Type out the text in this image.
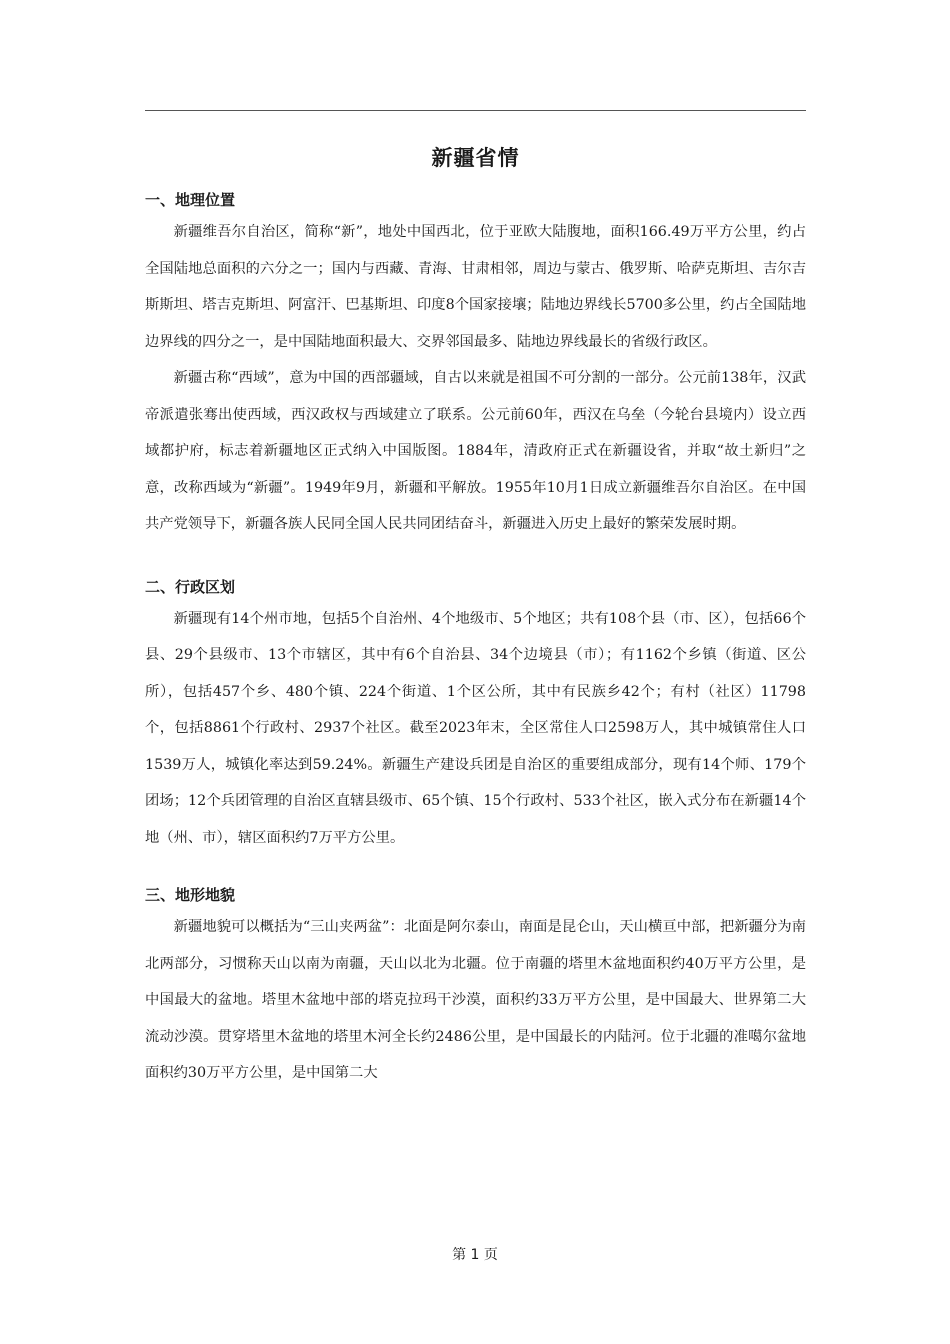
新疆省情
一、地理位置

新疆维吾尔自治区，简称“新”，地处中国西北，位于亚欧大陆腹地，面积166.49万平方公里，约占全国陆地总面积的六分之一；国内与西藏、青海、甘肃相邻，周边与蒙古、俄罗斯、哈萨克斯坦、吉尔吉斯斯坦、塔吉克斯坦、阿富汗、巴基斯坦、印度8个国家接壤；陆地边界线长5700多公里，约占全国陆地边界线的四分之一，是中国陆地面积最大、交界邻国最多、陆地边界线最长的省级行政区。

新疆古称“西域”，意为中国的西部疆域，自古以来就是祖国不可分割的一部分。公元前138年，汉武帝派遣张骞出使西域，西汉政权与西域建立了联系。公元前60年，西汉在乌垒（今轮台县境内）设立西域都护府，标志着新疆地区正式纳入中国版图。1884年，清政府正式在新疆设省，并取“故土新归”之意，改称西域为“新疆”。1949年9月，新疆和平解放。1955年10月1日成立新疆维吾尔自治区。在中国共产党领导下，新疆各族人民同全国人民共同团结奋斗，新疆进入历史上最好的繁荣发展时期。

二、行政区划

新疆现有14个州市地，包括5个自治州、4个地级市、5个地区；共有108个县（市、区），包括66个县、29个县级市、13个市辖区，其中有6个自治县、34个边境县（市）；有1162个乡镇（街道、区公所），包括457个乡、480个镇、224个街道、1个区公所，其中有民族乡42个；有村（社区）11798个，包括8861个行政村、2937个社区。截至2023年末，全区常住人口2598万人，其中城镇常住人口1539万人，城镇化率达到59.24%。新疆生产建设兵团是自治区的重要组成部分，现有14个师、179个团场；12个兵团管理的自治区直辖县级市、65个镇、15个行政村、533个社区，嵌入式分布在新疆14个地（州、市），辖区面积约7万平方公里。

三、地形地貌

新疆地貌可以概括为“三山夹两盆”：北面是阿尔泰山，南面是昆仑山，天山横亘中部，把新疆分为南北两部分，习惯称天山以南为南疆，天山以北为北疆。位于南疆的塔里木盆地面积约40万平方公里，是中国最大的盆地。塔里木盆地中部的塔克拉玛干沙漠，面积约33万平方公里，是中国最大、世界第二大流动沙漠。贯穿塔里木盆地的塔里木河全长约2486公里，是中国最长的内陆河。位于北疆的准噶尔盆地面积约30万平方公里，是中国第二大

第 1 页
